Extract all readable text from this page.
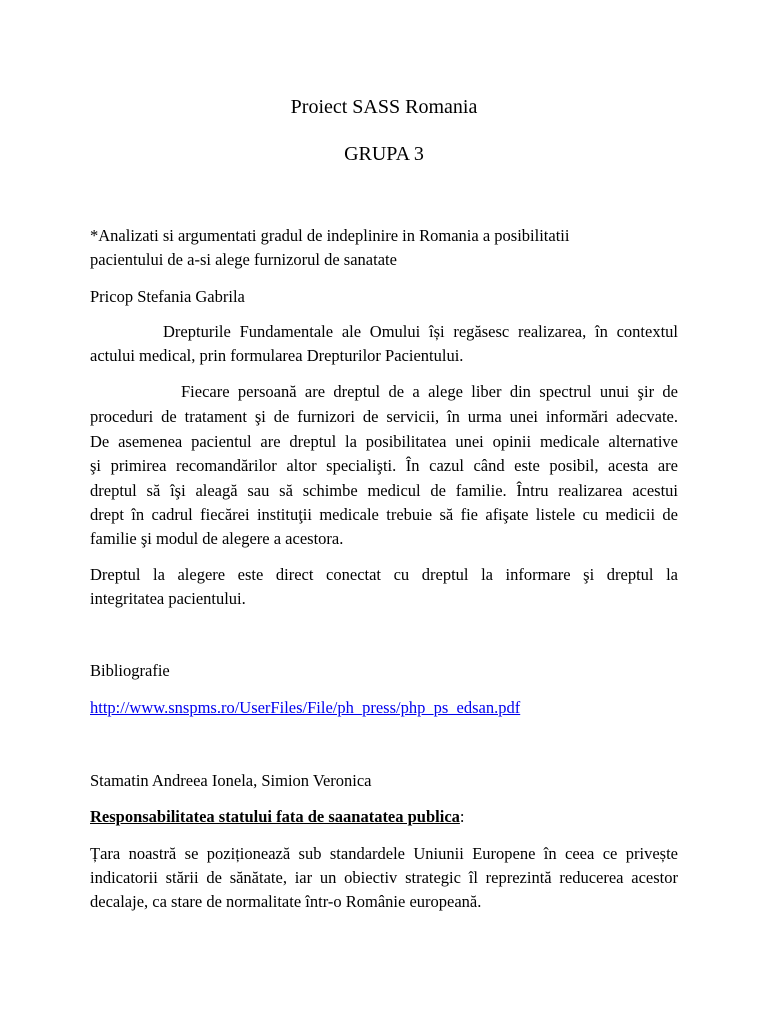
Proiect SASS Romania
GRUPA 3
*Analizati si argumentati gradul de indeplinire in Romania a posibilitatii
pacientului de a-si alege furnizorul de sanatate
Pricop Stefania Gabrila
Drepturile Fundamentale ale Omului își regăsesc realizarea, în contextul
actului medical, prin formularea Drepturilor Pacientului.
Fiecare persoană are dreptul de a alege liber din spectrul unui şir de
proceduri de tratament şi de furnizori de servicii, în urma unei informări adecvate.
De asemenea pacientul are dreptul la posibilitatea unei opinii medicale alternative
şi primirea recomandărilor altor specialişti. În cazul când este posibil, acesta are
dreptul să îşi aleagă sau să schimbe medicul de familie. Întru realizarea acestui
drept în cadrul fiecărei instituţii medicale trebuie să fie afişate listele cu medicii de
familie şi modul de alegere a acestora.
Dreptul la alegere este direct conectat cu dreptul la informare şi dreptul la
integritatea pacientului.
Bibliografie
http://www.snspms.ro/UserFiles/File/ph_press/php_ps_edsan.pdf
Stamatin Andreea Ionela, Simion Veronica
Responsabilitatea statului fata de saanatatea publica:
Țara noastră se poziționează sub standardele Uniunii Europene în ceea ce privește
indicatorii stării de sănătate, iar un obiectiv strategic îl reprezintă reducerea acestor
decalaje, ca stare de normalitate într-o Românie europeană.
